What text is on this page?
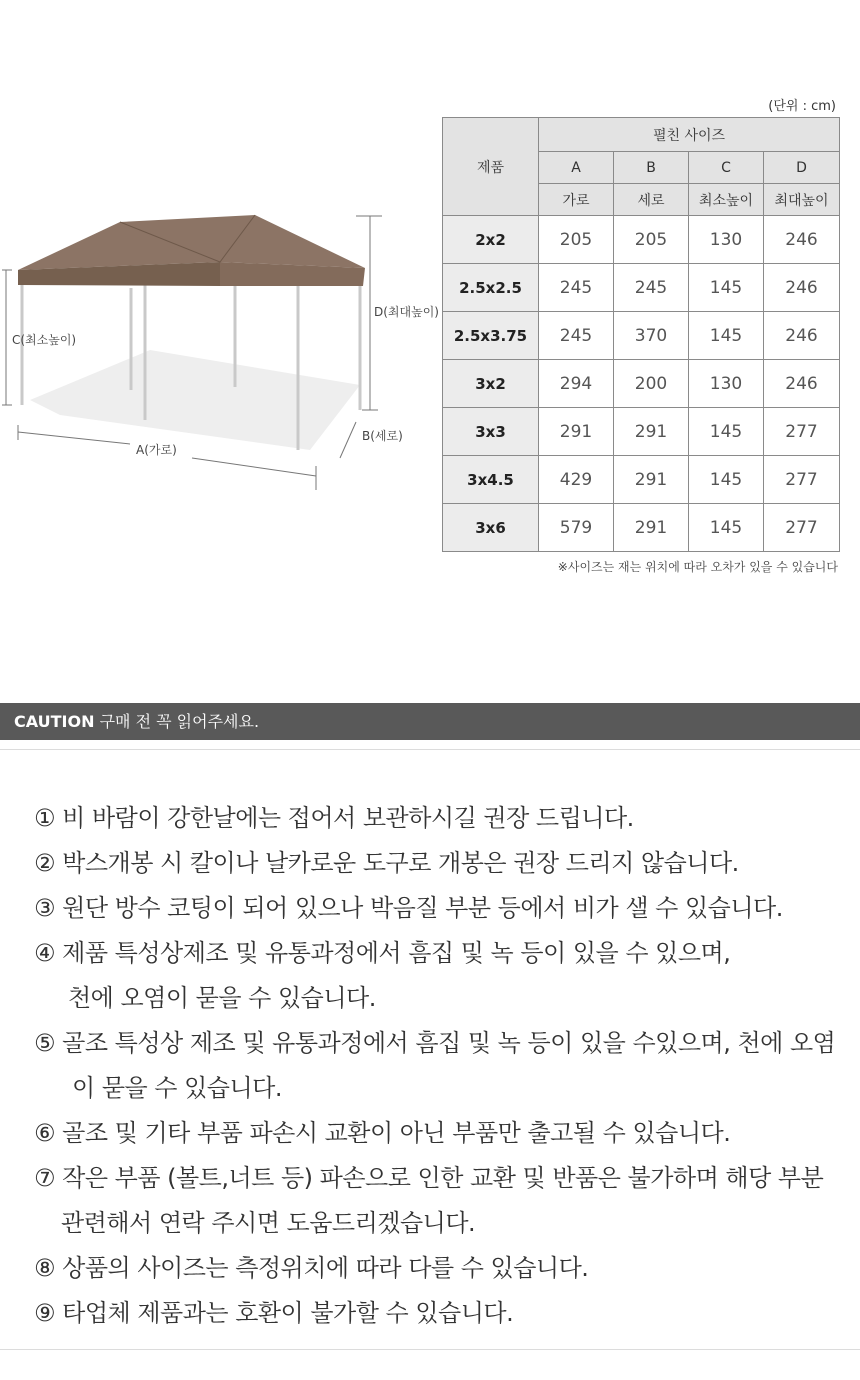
C(최소높이)
D(최대높이)
A(가로)
B(세로)
(단위 : cm)
제품	펼친 사이즈			
	A	B	C	D
	가로	세로	최소높이	최대높이
2x2	205	205	130	246
2.5x2.5	245	245	145	246
2.5x3.75	245	370	145	246
3x2	294	200	130	246
3x3	291	291	145	277
3x4.5	429	291	145	277
3x6	579	291	145	277
※사이즈는 재는 위치에 따라 오차가 있을 수 있습니다
CAUTION 구매 전 꼭 읽어주세요.
① 비 바람이 강한날에는 접어서 보관하시길 권장 드립니다.
② 박스개봉 시 칼이나 날카로운 도구로 개봉은 권장 드리지 않습니다.
③ 원단 방수 코팅이 되어 있으나 박음질 부분 등에서 비가 샐 수 있습니다.
④ 제품 특성상제조 및 유통과정에서 흠집 및 녹 등이 있을 수 있으며,
천에 오염이 묻을 수 있습니다.
⑤ 골조 특성상 제조 및 유통과정에서 흠집 및 녹 등이 있을 수있으며, 천에 오염
이 묻을 수 있습니다.
⑥ 골조 및 기타 부품 파손시 교환이 아닌 부품만 출고될 수 있습니다.
⑦ 작은 부품 (볼트,너트 등) 파손으로 인한 교환 및 반품은 불가하며 해당 부분
관련해서 연락 주시면 도움드리겠습니다.
⑧ 상품의 사이즈는 측정위치에 따라 다를 수 있습니다.
⑨ 타업체 제품과는 호환이 불가할 수 있습니다.
